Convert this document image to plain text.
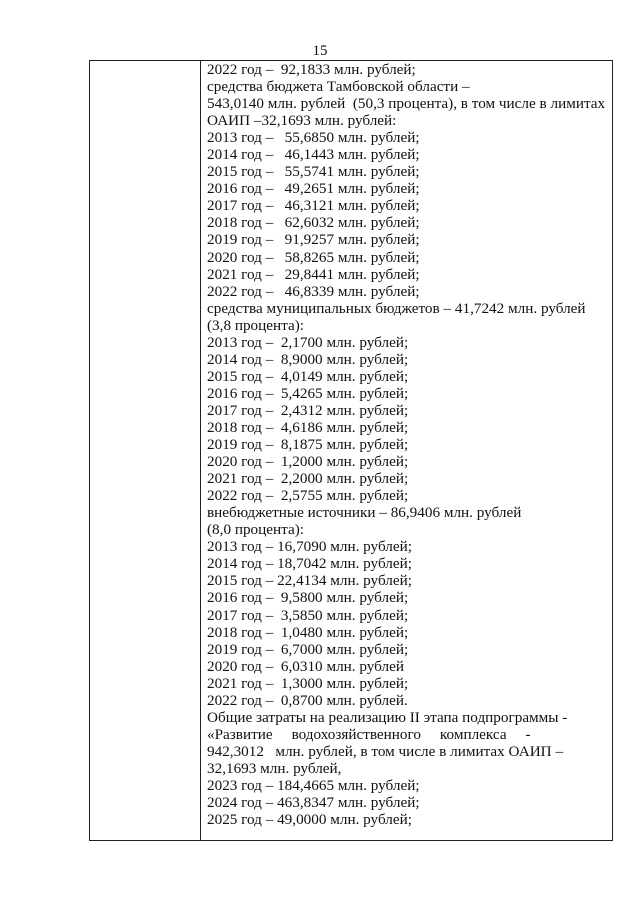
15
2022 год –  92,1833 млн. рублей;
средства бюджета Тамбовской области –
543,0140 млн. рублей  (50,3 процента), в том числе в лимитах
ОАИП –32,1693 млн. рублей:
2013 год –   55,6850 млн. рублей;
2014 год –   46,1443 млн. рублей;
2015 год –   55,5741 млн. рублей;
2016 год –   49,2651 млн. рублей;
2017 год –   46,3121 млн. рублей;
2018 год –   62,6032 млн. рублей;
2019 год –   91,9257 млн. рублей;
2020 год –   58,8265 млн. рублей;
2021 год –   29,8441 млн. рублей;
2022 год –   46,8339 млн. рублей;
средства муниципальных бюджетов – 41,7242 млн. рублей
(3,8 процента):
2013 год –  2,1700 млн. рублей;
2014 год –  8,9000 млн. рублей;
2015 год –  4,0149 млн. рублей;
2016 год –  5,4265 млн. рублей;
2017 год –  2,4312 млн. рублей;
2018 год –  4,6186 млн. рублей;
2019 год –  8,1875 млн. рублей;
2020 год –  1,2000 млн. рублей;
2021 год –  2,2000 млн. рублей;
2022 год –  2,5755 млн. рублей;
внебюджетные источники – 86,9406 млн. рублей
(8,0 процента):
2013 год – 16,7090 млн. рублей;
2014 год – 18,7042 млн. рублей;
2015 год – 22,4134 млн. рублей;
2016 год –  9,5800 млн. рублей;
2017 год –  3,5850 млн. рублей;
2018 год –  1,0480 млн. рублей;
2019 год –  6,7000 млн. рублей;
2020 год –  6,0310 млн. рублей
2021 год –  1,3000 млн. рублей;
2022 год –  0,8700 млн. рублей.
Общие затраты на реализацию II этапа подпрограммы -
«Развитие     водохозяйственного     комплекса     -
942,3012   млн. рублей, в том числе в лимитах ОАИП –
32,1693 млн. рублей,
2023 год – 184,4665 млн. рублей;
2024 год – 463,8347 млн. рублей;
2025 год – 49,0000 млн. рублей;
